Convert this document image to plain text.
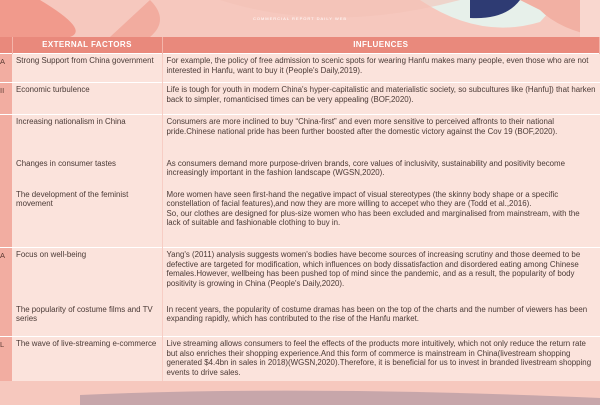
COMMERCIAL REPORT DAILY WEB
	EXTERNAL FACTORS	INFLUENCES
A	Strong Support from China government	For example, the policy of free admission to scenic spots for wearing Hanfu makes many people, even those who are not interested in Hanfu, want to buy it (People's Daily,2019).
II	Economic turbulence	Life is tough for youth in modern China's hyper-capitalistic and materialistic society, so subcultures like (Hanfu]) that harken back to simpler, romanticised times can be very appealing (BOF,2020).
	Increasing nationalism in China	Consumers are more inclined to buy “China-first” and even more sensitive to perceived affronts to their national pride.Chinese national pride has been further boosted after the domestic victory against the Cov 19 (BOF,2020).
	Changes in consumer tastes	As consumers demand more purpose-driven brands, core values of inclusivity, sustainability and positivity become increasingly important in the fashion landscape (WGSN,2020).
	The development of the feminist movement	More women have seen first-hand the negative impact of visual stereotypes (the skinny body shape or a specific constellation of facial features),and now they are more willing to accepet who they are (Todd et al.,2016).
So, our clothes are designed for plus-size women who has been excluded and marginalised from mainstream, with the lack of suitable and fashionable clothing to buy in.

A	Focus on well-being	Yang's (2011) analysis suggests women's bodies have become sources of increasing scrutiny and those deemed to be defective are targeted for modification, which influences on body dissatisfaction and disordered eating among Chinese females.However, wellbeing has been pushed top of mind since the pandemic, and as a result, the popularity of body positivity is growing in China (People's Daily,2020).
	The popularity of costume films and TV series	In recent years, the popularity of costume dramas has been on the top of the charts and the number of viewers has been expanding rapidly, which has contributed to the rise of the Hanfu market.
L	The wave of live-streaming e-commerce	Live streaming allows consumers to feel the effects of the products more intuitively, which not only reduce the return rate but also enriches their shopping experience.And this form of commerce is mainstream in China(livestream shopping generated $4.4bn in sales in 2018)(WGSN,2020).Therefore, it is beneficial for us to invest in branded livestream shopping events to drive sales.
